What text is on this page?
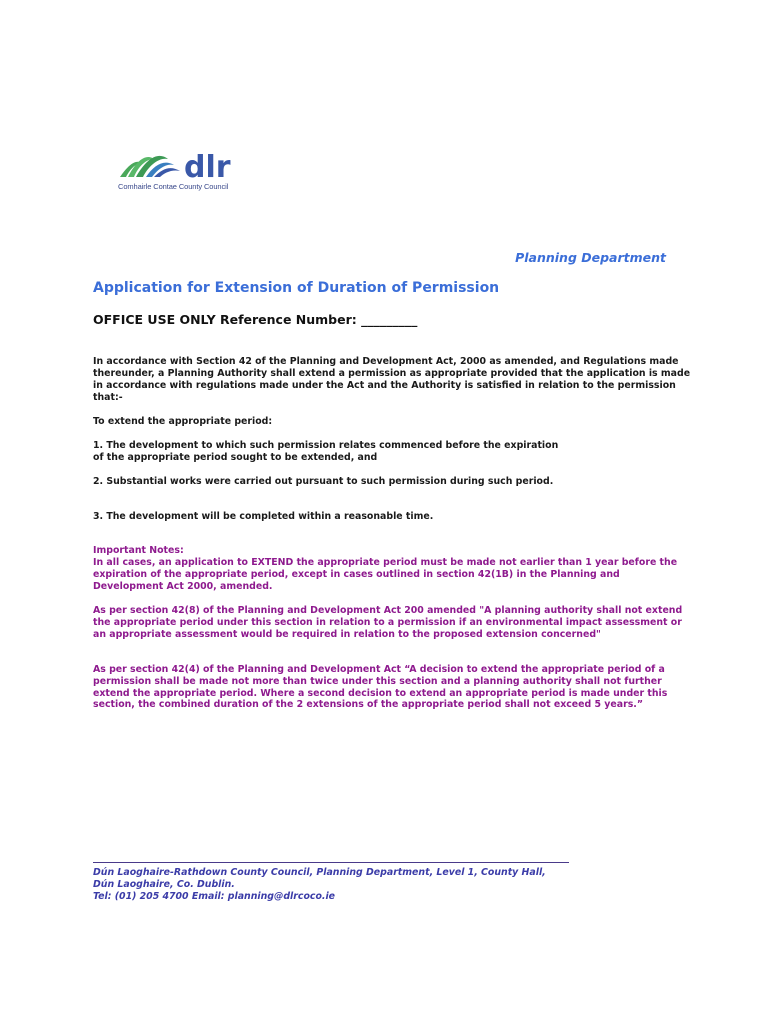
dlr
Comhairle Contae County Council
Planning Department
Application for Extension of Duration of Permission
OFFICE USE ONLY Reference Number: _________

In accordance with Section 42 of the Planning and Development Act, 2000 as amended, and Regulations made thereunder, a Planning Authority shall extend a permission as appropriate provided that the application is made in accordance with regulations made under the Act and the Authority is satisfied in relation to the permission that:-

To extend the appropriate period:

1. The development to which such permission relates commenced before the expiration of the appropriate period sought to be extended, and

2. Substantial works were carried out pursuant to such permission during such period.

3. The development will be completed within a reasonable time.

Important Notes:

In all cases, an application to EXTEND the appropriate period must be made not earlier than 1 year before the expiration of the appropriate period, except in cases outlined in section 42(1B) in the Planning and Development Act 2000, amended.

As per section 42(8) of the Planning and Development Act 200 amended "A planning authority shall not extend the appropriate period under this section in relation to a permission if an environmental impact assessment or an appropriate assessment would be required in relation to the proposed extension concerned"

As per section 42(4) of the Planning and Development Act “A decision to extend the appropriate period of a permission shall be made not more than twice under this section and a planning authority shall not further extend the appropriate period. Where a second decision to extend an appropriate period is made under this section, the combined duration of the 2 extensions of the appropriate period shall not exceed 5 years.”

Dún Laoghaire-Rathdown County Council, Planning Department, Level 1, County Hall,
Dún Laoghaire, Co. Dublin.
Tel: (01) 205 4700 Email: planning@dlrcoco.ie
